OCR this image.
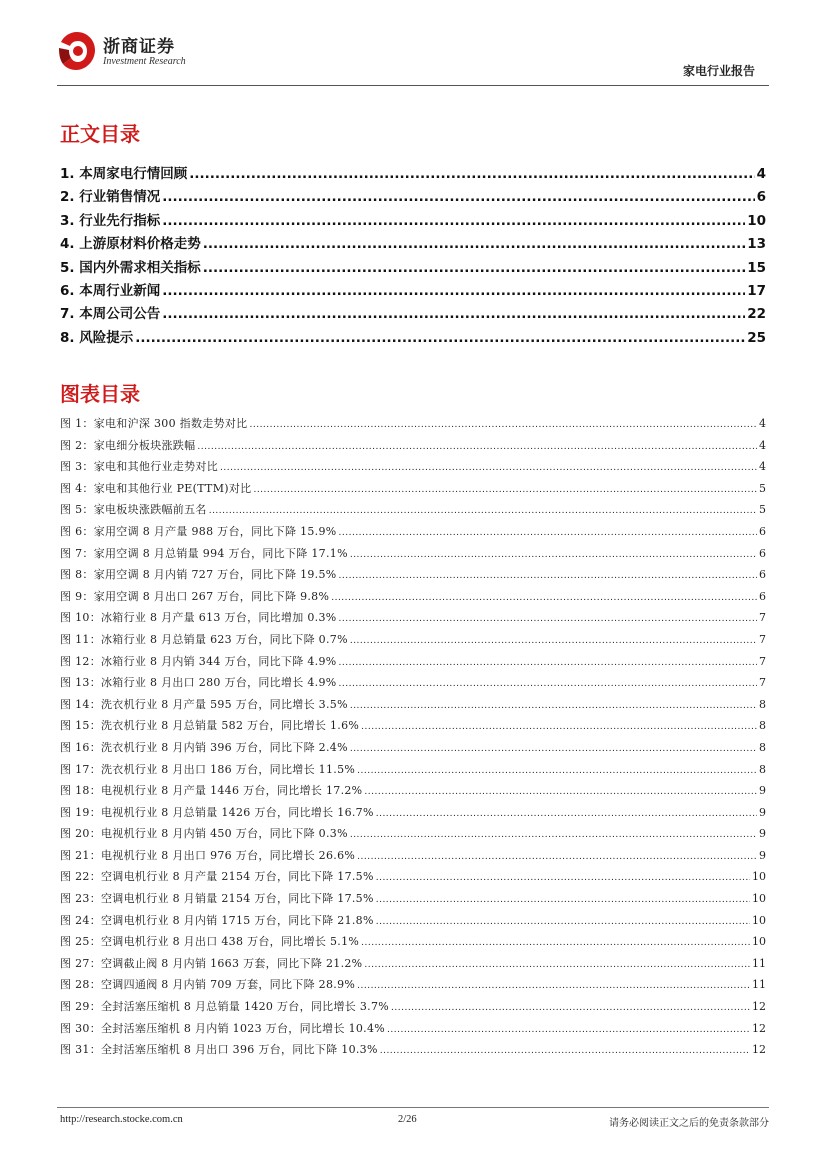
浙商证券
Investment Research
家电行业报告
正文目录
1. 本周家电行情回顾 .....	4
2. 行业销售情况 .....	6
3. 行业先行指标 .....	10
4. 上游原材料价格走势 .....	13
5. 国内外需求相关指标 .....	15
6. 本周行业新闻 .....	17
7. 本周公司公告 .....	22
8. 风险提示 .....	25
图表目录
图 1：家电和沪深 300 指数走势对比 .....	4
图 2：家电细分板块涨跌幅 .....	4
图 3：家电和其他行业走势对比 .....	4
图 4：家电和其他行业 PE(TTM)对比 .....	5
图 5：家电板块涨跌幅前五名 .....	5
图 6：家用空调 8 月产量 988 万台，同比下降 15.9% .....	6
图 7：家用空调 8 月总销量 994 万台，同比下降 17.1% .....	6
图 8：家用空调 8 月内销 727 万台，同比下降 19.5% .....	6
图 9：家用空调 8 月出口 267 万台，同比下降 9.8% .....	6
图 10：冰箱行业 8 月产量 613 万台，同比增加 0.3% .....	7
图 11：冰箱行业 8 月总销量 623 万台，同比下降 0.7% .....	7
图 12：冰箱行业 8 月内销 344 万台，同比下降 4.9% .....	7
图 13：冰箱行业 8 月出口 280 万台，同比增长 4.9% .....	7
图 14：洗衣机行业 8 月产量 595 万台，同比增长 3.5% .....	8
图 15：洗衣机行业 8 月总销量 582 万台，同比增长 1.6% .....	8
图 16：洗衣机行业 8 月内销 396 万台，同比下降 2.4% .....	8
图 17：洗衣机行业 8 月出口 186 万台，同比增长 11.5% .....	8
图 18：电视机行业 8 月产量 1446 万台，同比增长 17.2% .....	9
图 19：电视机行业 8 月总销量 1426 万台，同比增长 16.7% .....	9
图 20：电视机行业 8 月内销 450 万台，同比下降 0.3% .....	9
图 21：电视机行业 8 月出口 976 万台，同比增长 26.6% .....	9
图 22：空调电机行业 8 月产量 2154 万台，同比下降 17.5% .....	10
图 23：空调电机行业 8 月销量 2154 万台，同比下降 17.5% .....	10
图 24：空调电机行业 8 月内销 1715 万台，同比下降 21.8% .....	10
图 25：空调电机行业 8 月出口 438 万台，同比增长 5.1% .....	10
图 27：空调截止阀 8 月内销 1663 万套，同比下降 21.2% .....	11
图 28：空调四通阀 8 月内销 709 万套，同比下降 28.9% .....	11
图 29：全封活塞压缩机 8 月总销量 1420 万台，同比增长 3.7% .....	12
图 30：全封活塞压缩机 8 月内销 1023 万台，同比增长 10.4% .....	12
图 31：全封活塞压缩机 8 月出口 396 万台，同比下降 10.3% .....	12
http://research.stocke.com.cn	2/26	请务必阅读正文之后的免责条款部分
